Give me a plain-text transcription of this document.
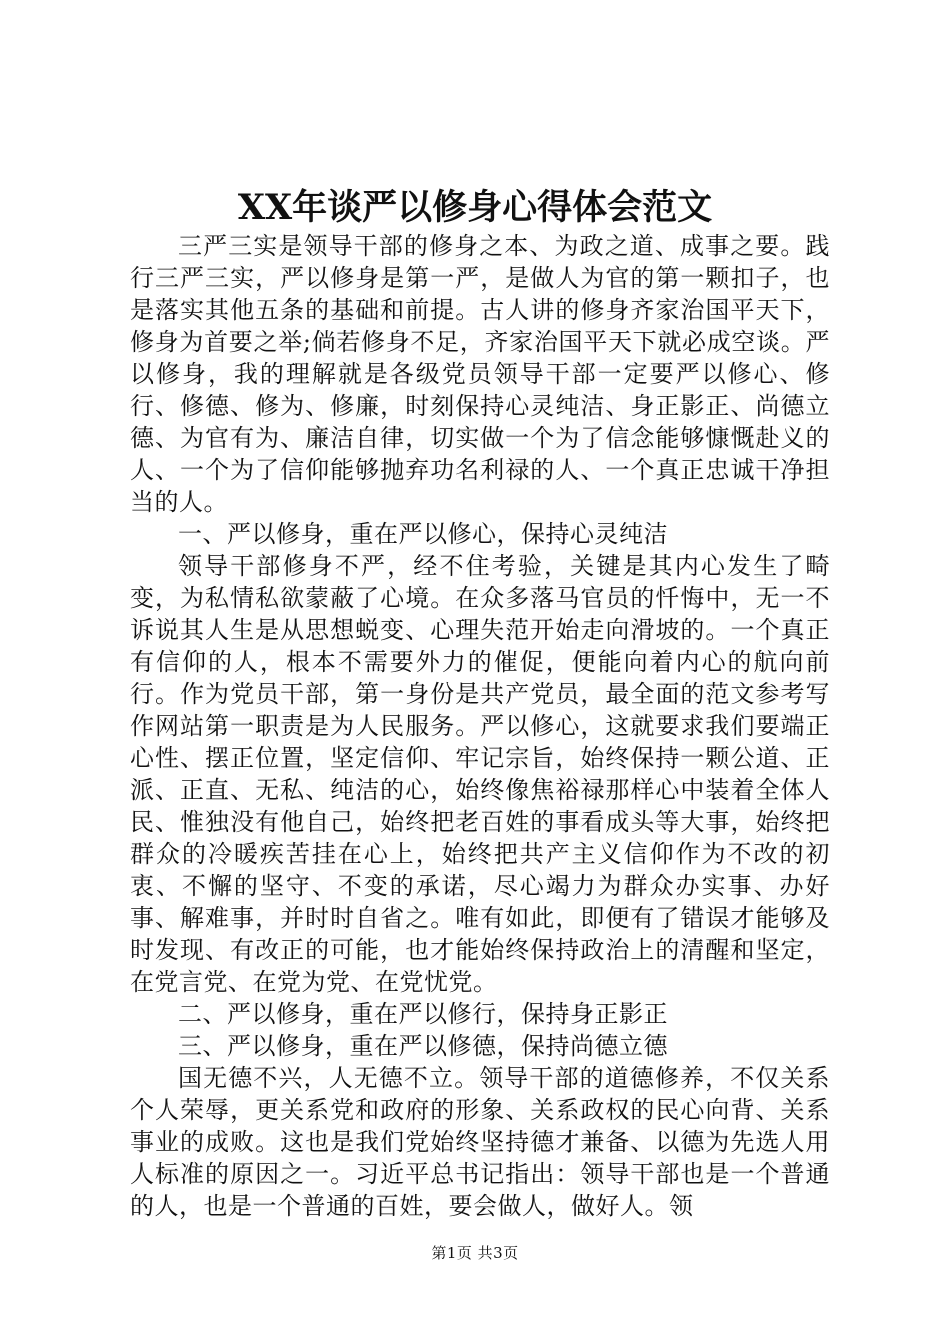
XX年谈严以修身心得体会范文

三严三实是领导干部的修身之本、为政之道、成事之要。践行三严三实，严以修身是第一严，是做人为官的第一颗扣子，也是落实其他五条的基础和前提。古人讲的修身齐家治国平天下，修身为首要之举;倘若修身不足，齐家治国平天下就必成空谈。严以修身，我的理解就是各级党员领导干部一定要严以修心、修行、修德、修为、修廉，时刻保持心灵纯洁、身正影正、尚德立德、为官有为、廉洁自律，切实做一个为了信念能够慷慨赴义的人、一个为了信仰能够抛弃功名利禄的人、一个真正忠诚干净担当的人。

一、严以修身，重在严以修心，保持心灵纯洁

领导干部修身不严，经不住考验，关键是其内心发生了畸变，为私情私欲蒙蔽了心境。在众多落马官员的忏悔中，无一不诉说其人生是从思想蜕变、心理失范开始走向滑坡的。一个真正有信仰的人，根本不需要外力的催促，便能向着内心的航向前行。作为党员干部，第一身份是共产党员，最全面的范文参考写作网站第一职责是为人民服务。严以修心，这就要求我们要端正心性、摆正位置，坚定信仰、牢记宗旨，始终保持一颗公道、正派、正直、无私、纯洁的心，始终像焦裕禄那样心中装着全体人民、惟独没有他自己，始终把老百姓的事看成头等大事，始终把群众的冷暖疾苦挂在心上，始终把共产主义信仰作为不改的初衷、不懈的坚守、不变的承诺，尽心竭力为群众办实事、办好事、解难事，并时时自省之。唯有如此，即便有了错误才能够及时发现、有改正的可能，也才能始终保持政治上的清醒和坚定，在党言党、在党为党、在党忧党。

二、严以修身，重在严以修行，保持身正影正

三、严以修身，重在严以修德，保持尚德立德

国无德不兴，人无德不立。领导干部的道德修养，不仅关系个人荣辱，更关系党和政府的形象、关系政权的民心向背、关系事业的成败。这也是我们党始终坚持德才兼备、以德为先选人用人标准的原因之一。习近平总书记指出：领导干部也是一个普通的人，也是一个普通的百姓，要会做人，做好人。领

第1页 共3页
